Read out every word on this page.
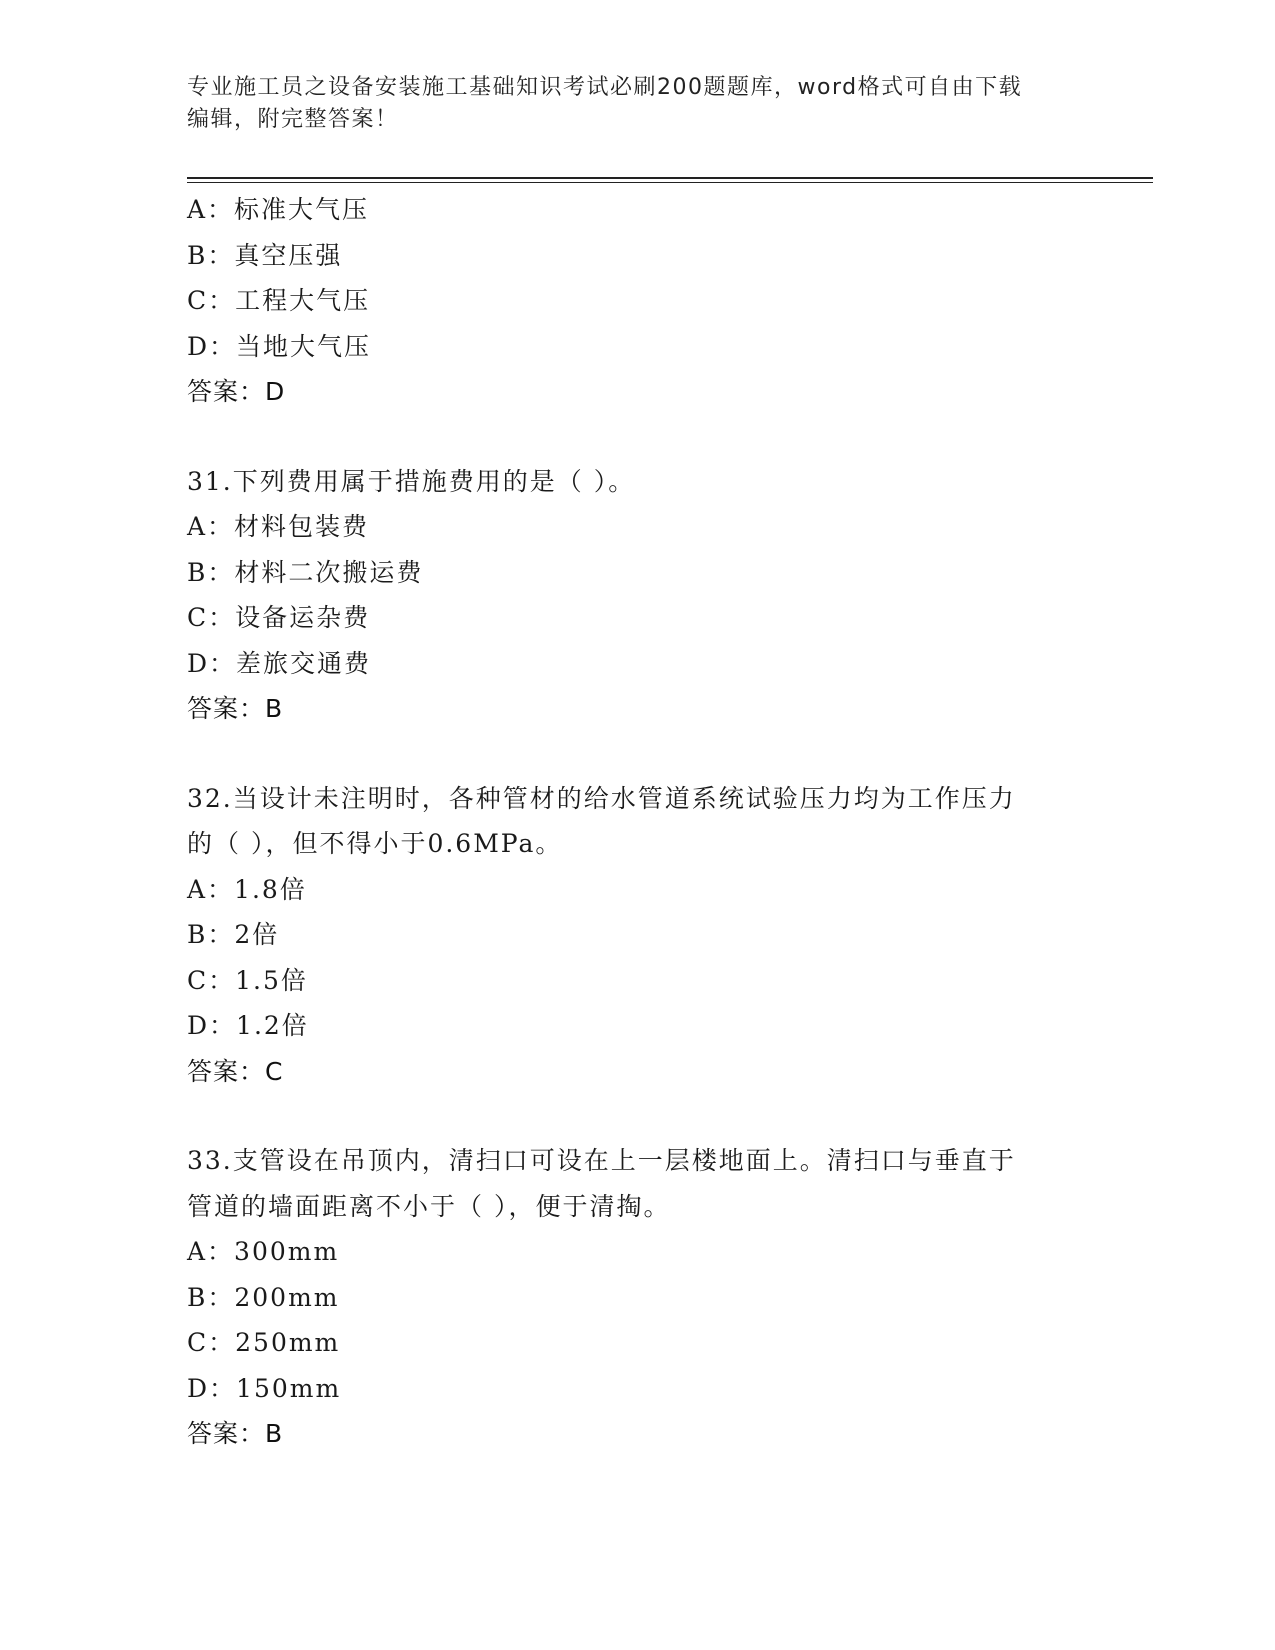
专业施工员之设备安装施工基础知识考试必刷200题题库，word格式可自由下载
编辑，附完整答案！
A：标准大气压
B：真空压强
C：工程大气压
D：当地大气压
答案：D
31.下列费用属于措施费用的是（ ）。
A：材料包装费
B：材料二次搬运费
C：设备运杂费
D：差旅交通费
答案：B
32.当设计未注明时，各种管材的给水管道系统试验压力均为工作压力
的（ ），但不得小于0.6MPa。
A：1.8倍
B：2倍
C：1.5倍
D：1.2倍
答案：C
33.支管设在吊顶内，清扫口可设在上一层楼地面上。清扫口与垂直于
管道的墙面距离不小于（ ），便于清掏。
A：300mm
B：200mm
C：250mm
D：150mm
答案：B
